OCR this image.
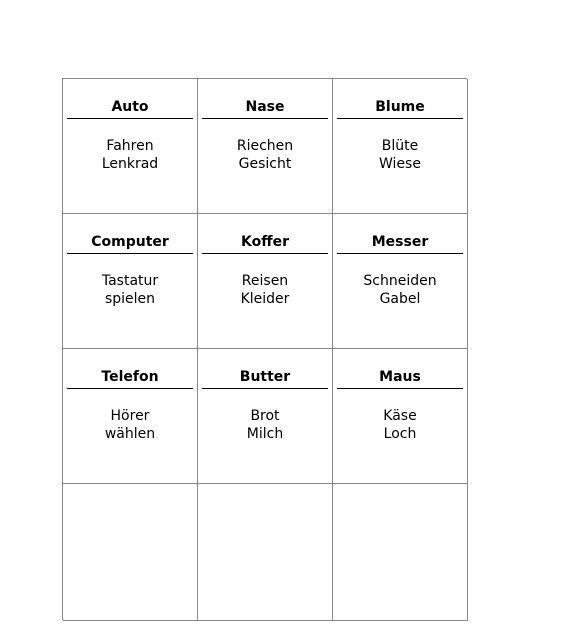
Auto
Fahren
Lenkrad
Nase
Riechen
Gesicht
Blume
Blüte
Wiese
Computer
Tastatur
spielen
Koffer
Reisen
Kleider
Messer
Schneiden
Gabel
Telefon
Hörer
wählen
Butter
Brot
Milch
Maus
Käse
Loch
